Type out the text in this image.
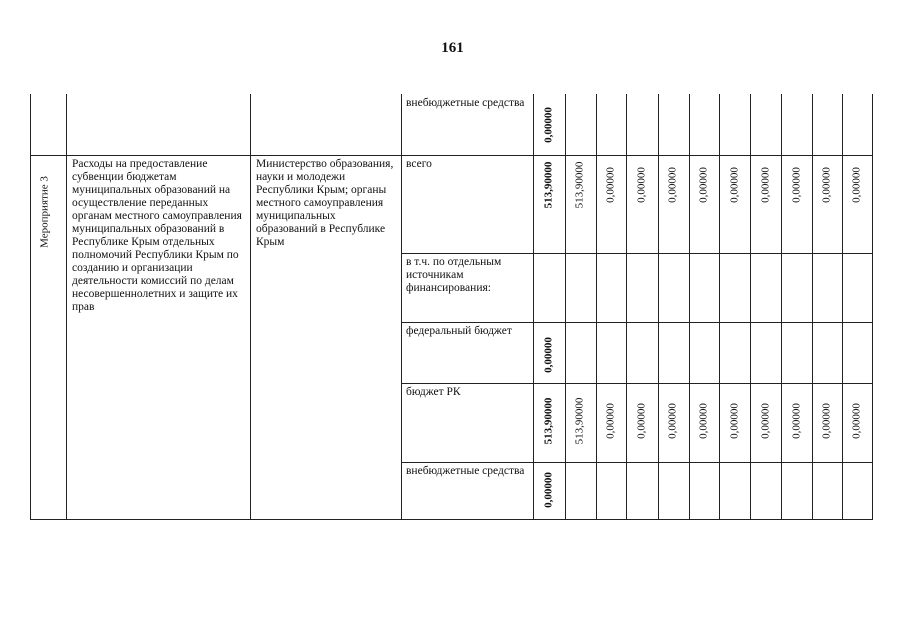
161
внебюджетные средства
0,00000
Мероприятие 3
Расходы на предоставление субвенции бюджетам муниципальных образований на осуществление переданных органам местного самоуправления муниципальных образований в Республике Крым отдельных полномочий Республики Крым по созданию и организации деятельности комиссий по делам несовершеннолетних и защите их прав
Министерство образования, науки и молодежи Республики Крым; органы местного самоуправления муниципальных образований в Республике Крым
всего	513,90000 513,90000 0,00000 0,00000 0,00000 0,00000 0,00000 0,00000 0,00000 0,00000 0,00000
в т.ч. по отдельным источникам финансирования:
федеральный бюджет
0,00000
бюджет РК
513,90000 513,90000 0,00000 0,00000 0,00000 0,00000 0,00000 0,00000 0,00000 0,00000 0,00000
внебюджетные средства
0,00000
